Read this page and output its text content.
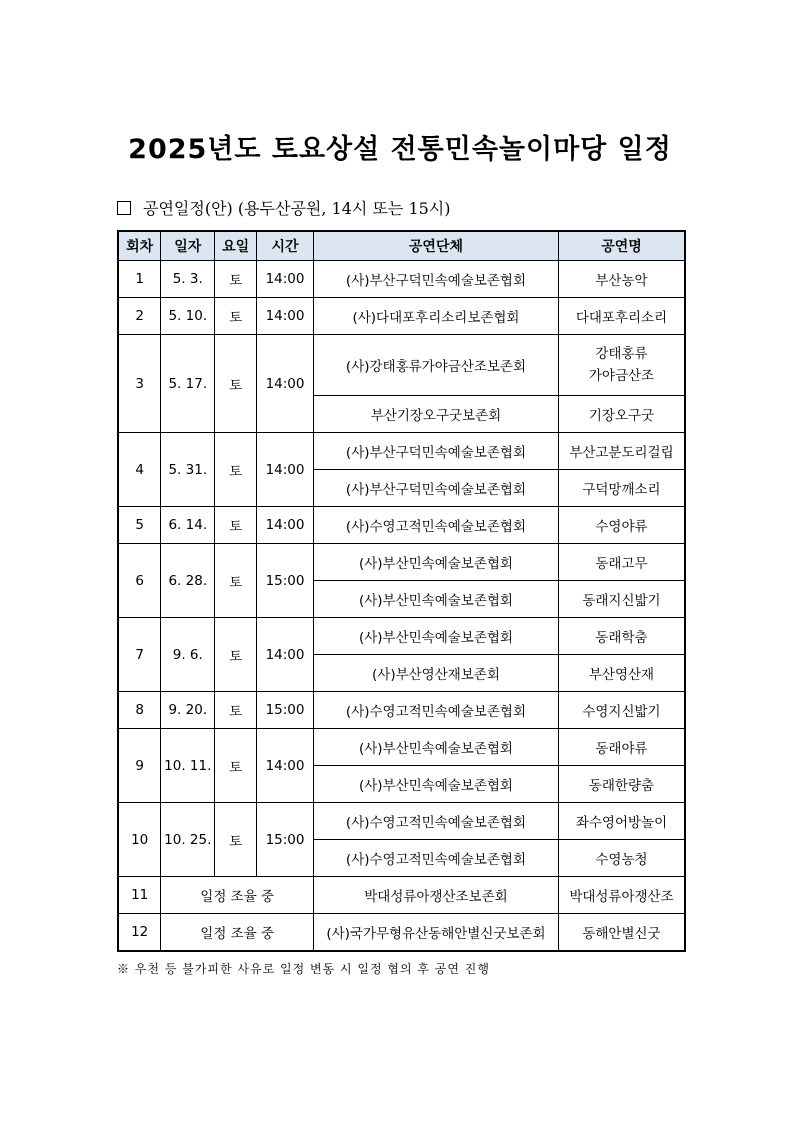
2025년도 토요상설 전통민속놀이마당 일정
공연일정(안) (용두산공원, 14시 또는 15시)
회차	일자	요일	시간	공연단체	공연명
1	5. 3.	토	14:00	(사)부산구덕민속예술보존협회	부산농악
2	5. 10.	토	14:00	(사)다대포후리소리보존협회	다대포후리소리
3	5. 17.	토	14:00	(사)강태홍류가야금산조보존회	강태홍류
가야금산조

				부산기장오구굿보존회	기장오구굿
4	5. 31.	토	14:00	(사)부산구덕민속예술보존협회	부산고분도리걸립
				(사)부산구덕민속예술보존협회	구덕망깨소리
5	6. 14.	토	14:00	(사)수영고적민속예술보존협회	수영야류
6	6. 28.	토	15:00	(사)부산민속예술보존협회	동래고무
				(사)부산민속예술보존협회	동래지신밟기
7	9. 6.	토	14:00	(사)부산민속예술보존협회	동래학춤
				(사)부산영산재보존회	부산영산재
8	9. 20.	토	15:00	(사)수영고적민속예술보존협회	수영지신밟기
9	10. 11.	토	14:00	(사)부산민속예술보존협회	동래야류
				(사)부산민속예술보존협회	동래한량춤
10	10. 25.	토	15:00	(사)수영고적민속예술보존협회	좌수영어방놀이
				(사)수영고적민속예술보존협회	수영농청
11	일정 조율 중			박대성류아쟁산조보존회	박대성류아쟁산조
12	일정 조율 중			(사)국가무형유산동해안별신굿보존회	동해안별신굿
※ 우천 등 불가피한 사유로 일정 변동 시 일정 협의 후 공연 진행
